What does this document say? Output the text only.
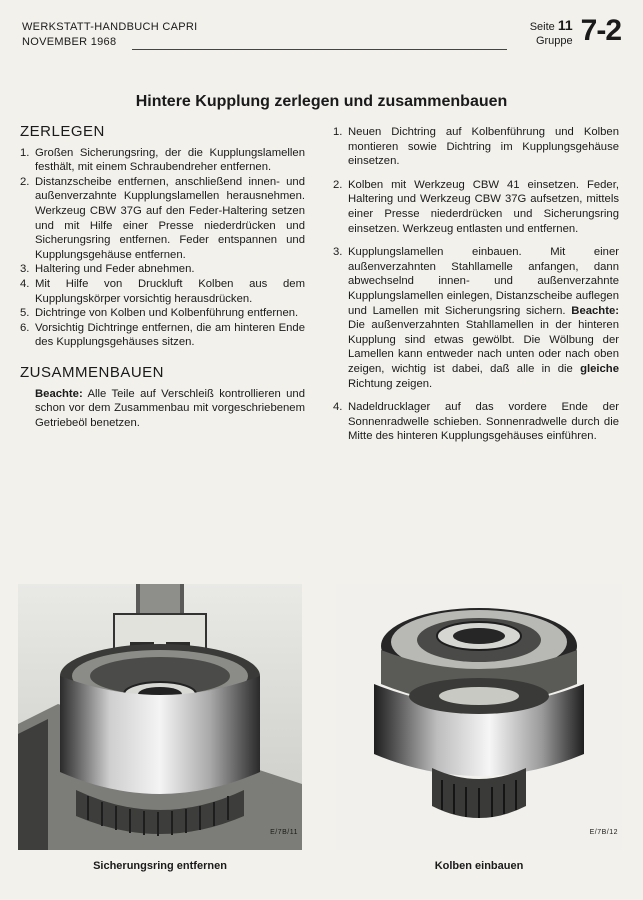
WERKSTATT-HANDBUCH CAPRI
NOVEMBER 1968
Seite 11
Gruppe 7-2
Hintere Kupplung zerlegen und zusammenbauen
ZERLEGEN
1. Großen Sicherungsring, der die Kupplungslamellen festhält, mit einem Schraubendreher entfernen.
2. Distanzscheibe entfernen, anschließend innen- und außenverzahnte Kupplungslamellen herausnehmen. Werkzeug CBW 37G auf den Feder-Haltering setzen und mit Hilfe einer Presse niederdrücken und Sicherungsring entfernen. Feder entspannen und Kupplungsgehäuse entfernen.
3. Haltering und Feder abnehmen.
4. Mit Hilfe von Druckluft Kolben aus dem Kupplungskörper vorsichtig herausdrücken.
5. Dichtringe von Kolben und Kolbenführung entfernen.
6. Vorsichtig Dichtringe entfernen, die am hinteren Ende des Kupplungsgehäuses sitzen.
ZUSAMMENBAUEN

Beachte: Alle Teile auf Verschleiß kontrollieren und schon vor dem Zusammenbau mit vorgeschriebenem Getriebeöl benetzen.

1. Neuen Dichtring auf Kolbenführung und Kolben montieren sowie Dichtring im Kupplungsgehäuse einsetzen.
2. Kolben mit Werkzeug CBW 41 einsetzen. Feder, Haltering und Werkzeug CBW 37G aufsetzen, mittels einer Presse niederdrücken und Sicherungsring einsetzen. Werkzeug entlasten und entfernen.
3. Kupplungslamellen einbauen. Mit einer außenverzahnten Stahllamelle anfangen, dann abwechselnd innen- und außenverzahnte Kupplungslamellen einlegen, Distanzscheibe auflegen und Lamellen mit Sicherungsring sichern. Beachte: Die außenverzahnten Stahllamellen in der hinteren Kupplung sind etwas gewölbt. Die Wölbung der Lamellen kann entweder nach unten oder nach oben zeigen, wichtig ist dabei, daß alle in die gleiche Richtung zeigen.
4. Nadeldrucklager auf das vordere Ende der Sonnenradwelle schieben. Sonnenradwelle durch die Mitte des hinteren Kupplungsgehäuses einführen.
E/7B/11	E/7B/12
Sicherungsring entfernen	Kolben einbauen
